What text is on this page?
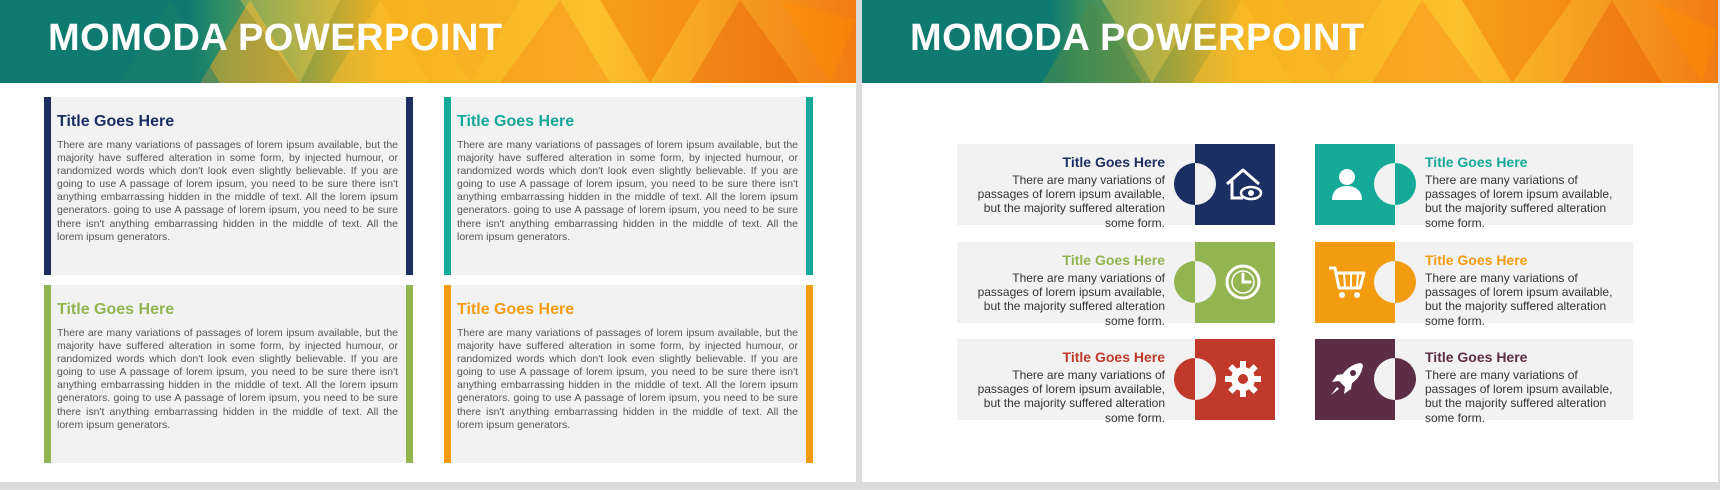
MOMODA POWERPOINT
Title Goes Here

There are many variations of passages of lorem ipsum available, but the majority have suffered alteration in some form, by injected humour, or randomized words which don't look even slightly believable. If you are going to use A passage of lorem ipsum, you need to be sure there isn't anything embarrassing hidden in the middle of text. All the lorem ipsum generators. going to use A passage of lorem ipsum, you need to be sure there isn't anything embarrassing hidden in the middle of text. All the lorem ipsum generators.

Title Goes Here

There are many variations of passages of lorem ipsum available, but the majority have suffered alteration in some form, by injected humour, or randomized words which don't look even slightly believable. If you are going to use A passage of lorem ipsum, you need to be sure there isn't anything embarrassing hidden in the middle of text. All the lorem ipsum generators. going to use A passage of lorem ipsum, you need to be sure there isn't anything embarrassing hidden in the middle of text. All the lorem ipsum generators.

Title Goes Here

There are many variations of passages of lorem ipsum available, but the majority have suffered alteration in some form, by injected humour, or randomized words which don't look even slightly believable. If you are going to use A passage of lorem ipsum, you need to be sure there isn't anything embarrassing hidden in the middle of text. All the lorem ipsum generators. going to use A passage of lorem ipsum, you need to be sure there isn't anything embarrassing hidden in the middle of text. All the lorem ipsum generators.

Title Goes Here

There are many variations of passages of lorem ipsum available, but the majority have suffered alteration in some form, by injected humour, or randomized words which don't look even slightly believable. If you are going to use A passage of lorem ipsum, you need to be sure there isn't anything embarrassing hidden in the middle of text. All the lorem ipsum generators. going to use A passage of lorem ipsum, you need to be sure there isn't anything embarrassing hidden in the middle of text. All the lorem ipsum generators.

MOMODA POWERPOINT
Title Goes Here

There are many variations of passages of lorem ipsum available, but the majority suffered alteration some form.

Title Goes Here

There are many variations of passages of lorem ipsum available, but the majority suffered alteration some form.

Title Goes Here

There are many variations of passages of lorem ipsum available, but the majority suffered alteration some form.

Title Goes Here

There are many variations of passages of lorem ipsum available, but the majority suffered alteration some form.

Title Goes Here

There are many variations of passages of lorem ipsum available, but the majority suffered alteration some form.

Title Goes Here

There are many variations of passages of lorem ipsum available, but the majority suffered alteration some form.
